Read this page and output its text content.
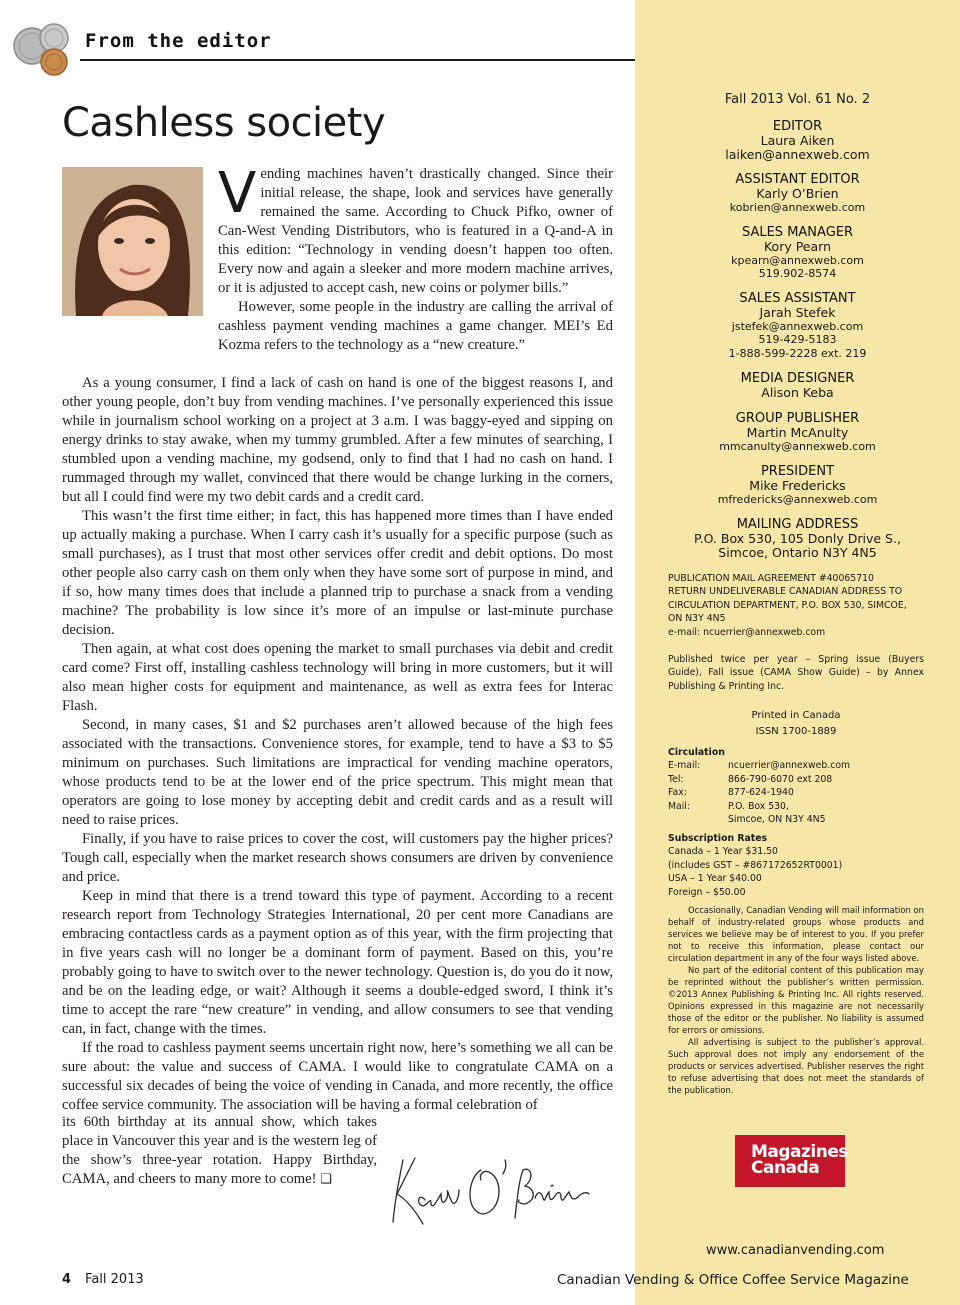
From the editor
Cashless society

Vending machines haven’t drastically changed. Since their initial release, the shape, look and services have generally remained the same. According to Chuck Pifko, owner of Can-West Vending Distributors, who is featured in a Q-and-A in this edition: “Technology in vending doesn’t happen too often. Every now and again a sleeker and more modern machine arrives, or it is adjusted to accept cash, new coins or polymer bills.”

However, some people in the industry are calling the arrival of cashless payment vending machines a game changer. MEI’s Ed Kozma refers to the technology as a “new creature.”

As a young consumer, I find a lack of cash on hand is one of the biggest reasons I, and other young people, don’t buy from vending machines. I’ve personally experienced this issue while in journalism school working on a project at 3 a.m. I was baggy-eyed and sipping on energy drinks to stay awake, when my tummy grumbled. After a few minutes of searching, I stumbled upon a vending machine, my godsend, only to find that I had no cash on hand. I rummaged through my wallet, convinced that there would be change lurking in the corners, but all I could find were my two debit cards and a credit card.

This wasn’t the first time either; in fact, this has happened more times than I have ended up actually making a purchase. When I carry cash it’s usually for a specific purpose (such as small purchases), as I trust that most other services offer credit and debit options. Do most other people also carry cash on them only when they have some sort of purpose in mind, and if so, how many times does that include a planned trip to purchase a snack from a vending machine? The probability is low since it’s more of an impulse or last-minute purchase decision.

Then again, at what cost does opening the market to small purchases via debit and credit card come? First off, installing cashless technology will bring in more customers, but it will also mean higher costs for equipment and maintenance, as well as extra fees for Interac Flash.

Second, in many cases, $1 and $2 purchases aren’t allowed because of the high fees associated with the transactions. Convenience stores, for example, tend to have a $3 to $5 minimum on purchases. Such limitations are impractical for vending machine operators, whose products tend to be at the lower end of the price spectrum. This might mean that operators are going to lose money by accepting debit and credit cards and as a result will need to raise prices.

Finally, if you have to raise prices to cover the cost, will customers pay the higher prices? Tough call, especially when the market research shows consumers are driven by convenience and price.

Keep in mind that there is a trend toward this type of payment. According to a recent research report from Technology Strategies International, 20 per cent more Canadians are embracing contactless cards as a payment option as of this year, with the firm projecting that in five years cash will no longer be a dominant form of payment. Based on this, you’re probably going to have to switch over to the newer technology. Question is, do you do it now, and be on the leading edge, or wait? Although it seems a double-edged sword, I think it’s time to accept the rare “new creature” in vending, and allow consumers to see that vending can, in fact, change with the times.

If the road to cashless payment seems uncertain right now, here’s something we all can be sure about: the value and success of CAMA. I would like to congratulate CAMA on a successful six decades of being the voice of vending in Canada, and more recently, the office coffee service community. The association will be having a formal celebration of

its 60th birthday at its annual show, which takes place in Vancouver this year and is the western leg of the show’s three-year rotation. Happy Birthday, CAMA, and cheers to many more to come! ❑

Fall 2013 Vol. 61 No. 2
EDITOR
Laura Aiken
laiken@annexweb.com
ASSISTANT EDITOR
Karly O’Brien
kobrien@annexweb.com
SALES MANAGER
Kory Pearn
kpearn@annexweb.com
519.902-8574
SALES ASSISTANT
Jarah Stefek
jstefek@annexweb.com
519-429-5183
1-888-599-2228 ext. 219
MEDIA DESIGNER
Alison Keba
GROUP PUBLISHER
Martin McAnulty
mmcanulty@annexweb.com
PRESIDENT
Mike Fredericks
mfredericks@annexweb.com
MAILING ADDRESS
P.O. Box 530, 105 Donly Drive S.,
Simcoe, Ontario N3Y 4N5
PUBLICATION MAIL AGREEMENT #40065710
RETURN UNDELIVERABLE CANADIAN ADDRESS TO
CIRCULATION DEPARTMENT, P.O. BOX 530, SIMCOE,
ON N3Y 4N5
e-mail: ncuerrier@annexweb.com
Published twice per year – Spring issue (Buyers Guide), Fall issue (CAMA Show Guide) – by Annex Publishing & Printing Inc.
Printed in Canada
ISSN 1700-1889
Circulation
E-mail:	ncuerrier@annexweb.com
Tel:	866-790-6070 ext 208
Fax:	877-624-1940
Mail:	P.O. Box 530,
Simcoe, ON N3Y 4N5
Subscription Rates
Canada – 1 Year $31.50
(includes GST – #867172652RT0001)
USA – 1 Year $40.00
Foreign – $50.00
Occasionally, Canadian Vending will mail information on behalf of industry-related groups whose products and services we believe may be of interest to you. If you prefer not to receive this information, please contact our circulation department in any of the four ways listed above.
No part of the editorial content of this publication may be reprinted without the publisher’s written permission. ©2013 Annex Publishing & Printing Inc. All rights reserved. Opinions expressed in this magazine are not necessarily those of the editor or the publisher. No liability is assumed for errors or omissions.
All advertising is subject to the publisher’s approval. Such approval does not imply any endorsement of the products or services advertised. Publisher reserves the right to refuse advertising that does not meet the standards of the publication.
Magazines
Canada
www.canadianvending.com
4 Fall 2013	Canadian Vending & Office Coffee Service Magazine
